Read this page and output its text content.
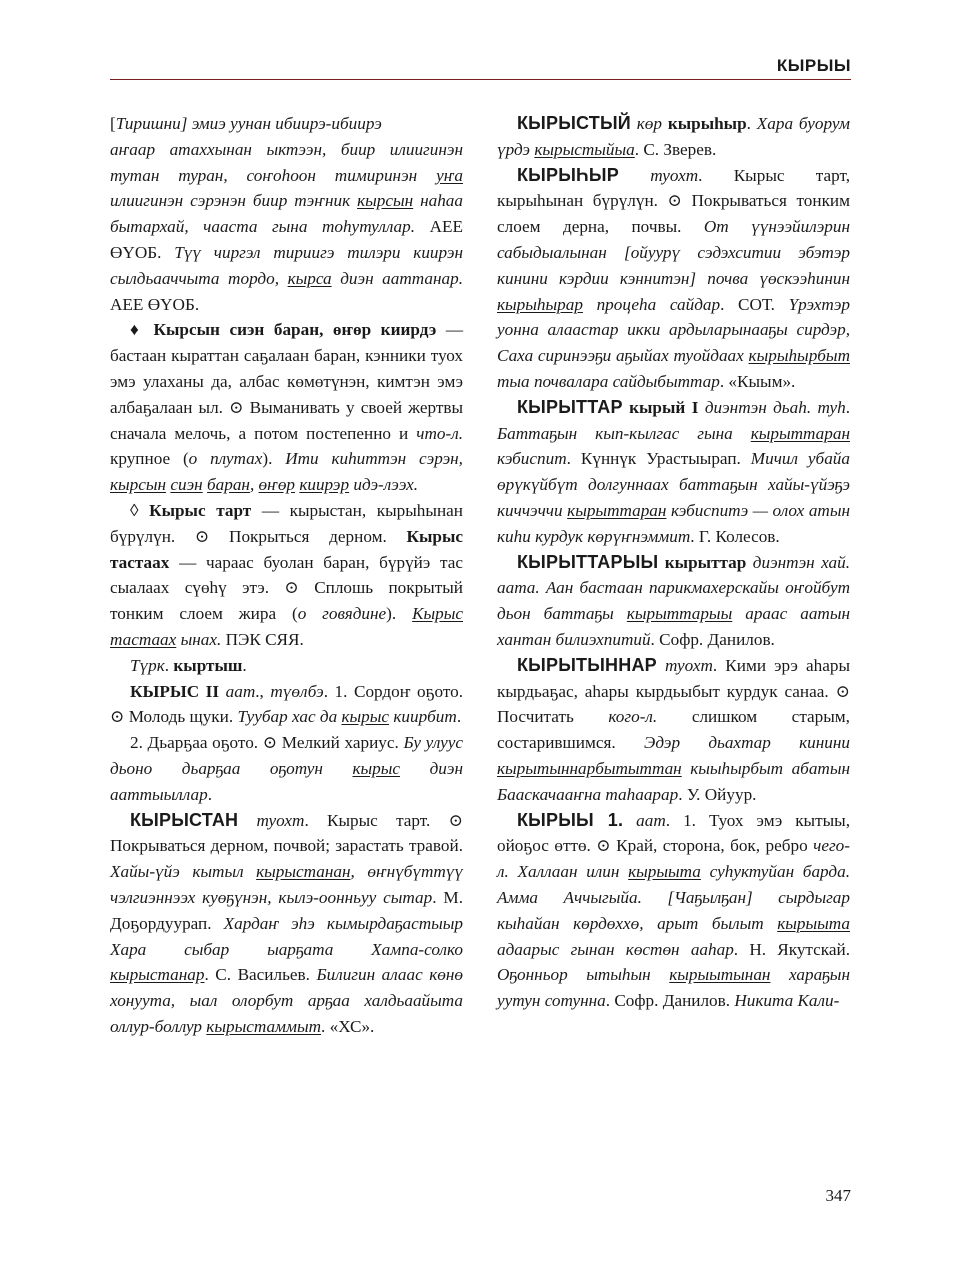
КЫРЫЫ

[Тиришни] эмиэ уунан ибиирэ-ибиирэ
аҥаар атаххынан ыктээн, биир илиигинэн тутан туран, соҥоһоон тимиринэн уҥа илиигинэн сэрэнэн биир тэҥник кырсын наһаа бытархай, чааста гына тоһутуллар. АЕЕ ӨҮОБ. Түү чиргэл тириигэ тилэри киирэн сылдьааччыта тордо, кырса диэн ааттанар. АЕЕ ӨҮОБ.

♦ Кырсын сиэн баран, өҥөр киирдэ — бастаан кыраттан саҕалаан баран, кэнники туох эмэ улаханы да, албас көмөтүнэн, кимтэн эмэ албаҕалаан ыл. ⊙ Выманивать у своей жертвы сначала мелочь, а потом постепенно и что-л. крупное (о плутах). Ити киһиттэн сэрэн, кырсын сиэн баран, өҥөр киирэр идэ-лээх.

◊ Кырыс тарт — кырыстан, кырыһынан бүрүлүн. ⊙ Покрыться дерном. Кырыс тастаах — чараас буолан баран, бүрүйэ тас сыалаах сүөһү этэ. ⊙ Сплошь покрытый тонким слоем жира (о говядине). Кырыс тастаах ынах. ПЭК СЯЯ.

Түрк. кыртыш.

КЫРЫС II аат., түөлбэ. 1. Сордоҥ оҕото. ⊙ Молодь щуки. Туубар хас да кырыс киирбит.

2. Дьарҕаа оҕото. ⊙ Мелкий хариус. Бу улуус дьоно дьарҕаа оҕотун кырыс диэн ааттыыллар.

КЫРЫСТАН туохт. Кырыс тарт. ⊙ Покрываться дерном, почвой; зарастать травой. Хайы-үйэ кытыл кырыстанан, өҥнүбүттүү чэлгиэннээх куөҕүнэн, кылэ-оонньуу сытар. М. Доҕордуурап. Хардаҥ эһэ кымырдаҕастыыр Хара сыбар ыарҕата Хампа-солко кырыстанар. С. Васильев. Билигин алаас көнө хонуута, ыал олорбут арҕаа халдьаайыта оллур-боллур кырыстаммыт. «ХС».

КЫРЫСТЫЙ көр кырыһыр. Хара буорум үрдэ кырыстыйыа. С. Зверев.

КЫРЫҺЫР туохт. Кырыс тарт, кырыһынан бүрүлүн. ⊙ Покрываться тонким слоем дерна, почвы. От үүнээйилэрин сабыдыалынан [ойуурү сэдэхситии эбэтэр кинини кэрдии кэннитэн] почва үөскээһинин кырыһырар процеһа сайдар. СОТ. Үрэхтэр уонна алаастар икки ардыларынааҕы сирдэр, Саха сиринээҕи аҕыйах туойдаах кырыһырбыт тыа почвалара сайдыбыттар. «Кыым».

КЫРЫТТАР кырый I диэнтэн дьаһ. туһ. Баттаҕын кып-кылгас гына кырыттаран кэбиспит. Күннүк Урастыырап. Мичил убайа өрүкүйбүт долгуннаах баттаҕын хайы-үйэҕэ киччэччи кырыттаран кэбиспитэ — олох атын киһи курдук көрүҥнэммит. Г. Колесов.

КЫРЫТТАРЫЫ кырыттар диэнтэн хай. аата. Аан бастаан парикмахерскайы оҥойбут дьон баттаҕы кырыттарыы араас аатын хантан билиэхпитий. Софр. Данилов.

КЫРЫТЫННАР туохт. Кими эрэ аһары кырдьаҕас, аһары кырдьыбыт курдук санаа. ⊙ Посчитать кого-л. слишком старым, состарившимся. Эдэр дьахтар кинини кырытыннарбытыттан кыыһырбыт абатын Баaскачааҥна таһаарар. У. Ойуур.

КЫРЫЫ 1. аат. 1. Туох эмэ кытыы, ойоҕос өттө. ⊙ Край, сторона, бок, ребро чего-л. Халлаан илин кырыыта суһуктуйан барда. Амма Аччыгыйа. [Чаҕылҕан] сырдыгар кыһайан көрдөххө, арыт былыт кырыыта адаарыс гынан көстөн ааһар. Н. Якутскай. Оҕонньор ытыһын кырыытынан хараҕын уутун сотунна. Софр. Данилов. Никита Кали-

347
